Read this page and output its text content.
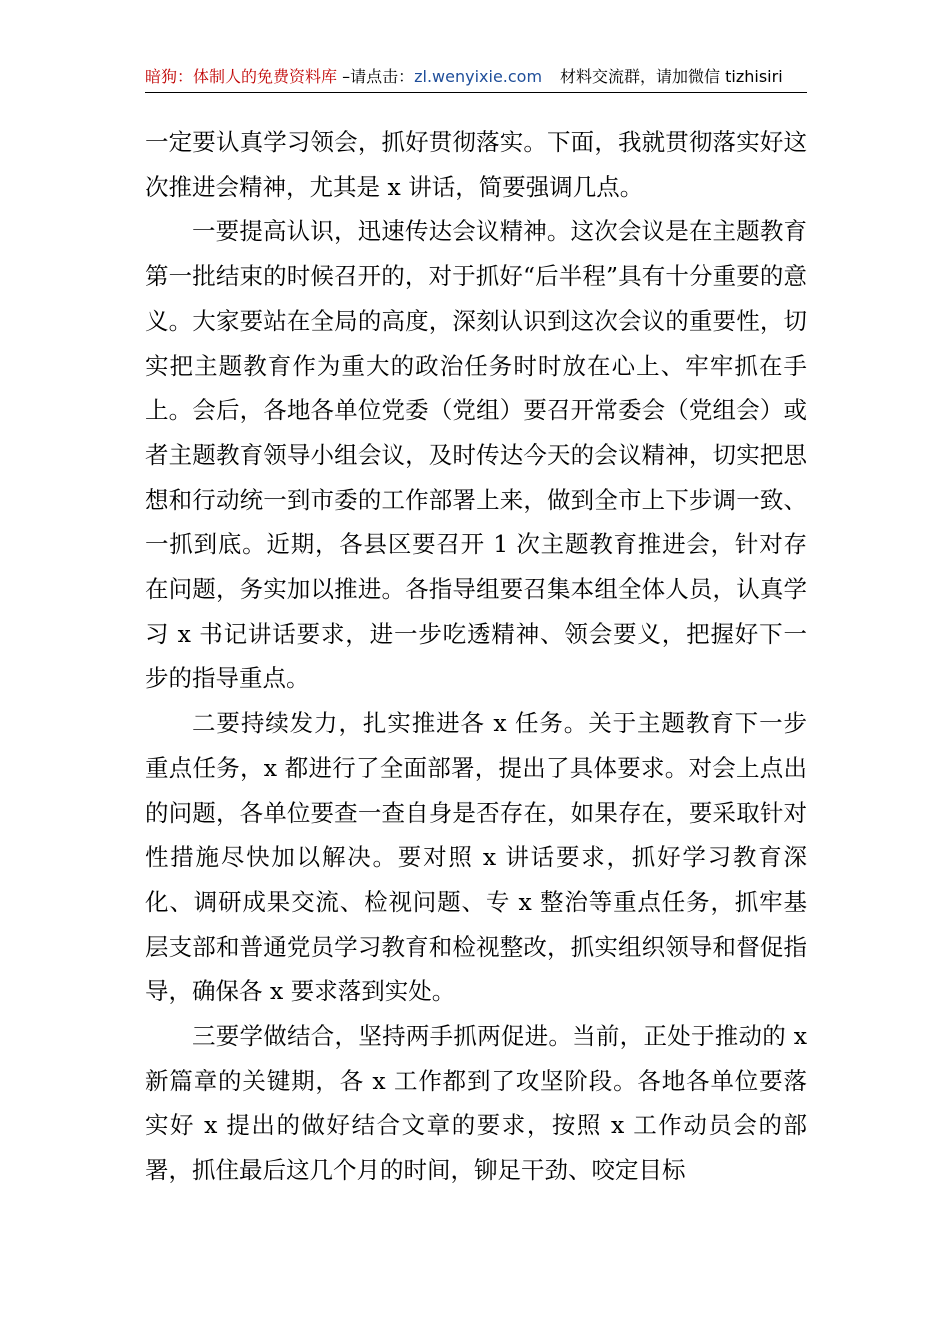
暗狗：体制人的免费资料库 –请点击：zl.wenyixie.com 材料交流群，请加微信 tizhisiri

一定要认真学习领会，抓好贯彻落实。下面，我就贯彻落实好这次推进会精神，尤其是 x 讲话，简要强调几点。

一要提高认识，迅速传达会议精神。这次会议是在主题教育第一批结束的时候召开的，对于抓好“后半程”具有十分重要的意义。大家要站在全局的高度，深刻认识到这次会议的重要性，切实把主题教育作为重大的政治任务时时放在心上、牢牢抓在手上。会后，各地各单位党委（党组）要召开常委会（党组会）或者主题教育领导小组会议，及时传达今天的会议精神，切实把思想和行动统一到市委的工作部署上来，做到全市上下步调一致、一抓到底。近期，各县区要召开 1 次主题教育推进会，针对存在问题，务实加以推进。各指导组要召集本组全体人员，认真学习 x 书记讲话要求，进一步吃透精神、领会要义，把握好下一步的指导重点。

二要持续发力，扎实推进各 x 任务。关于主题教育下一步重点任务，x 都进行了全面部署，提出了具体要求。对会上点出的问题，各单位要查一查自身是否存在，如果存在，要采取针对性措施尽快加以解决。要对照 x 讲话要求，抓好学习教育深化、调研成果交流、检视问题、专 x 整治等重点任务，抓牢基层支部和普通党员学习教育和检视整改，抓实组织领导和督促指导，确保各 x 要求落到实处。

三要学做结合，坚持两手抓两促进。当前，正处于推动的 x 新篇章的关键期，各 x 工作都到了攻坚阶段。各地各单位要落实好 x 提出的做好结合文章的要求，按照 x 工作动员会的部署，抓住最后这几个月的时间，铆足干劲、咬定目标
